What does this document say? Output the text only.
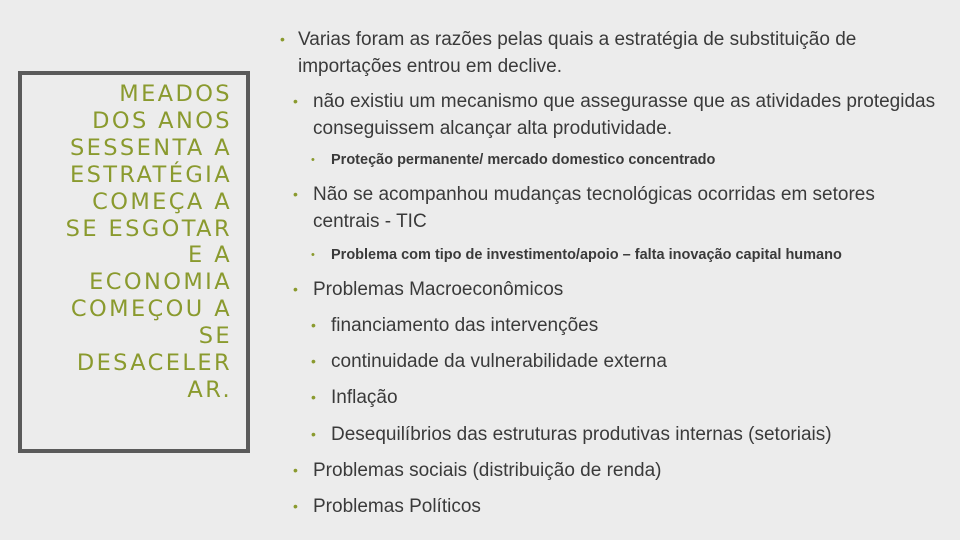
MEADOS
DOS ANOS
SESSENTA A
ESTRATÉGIA
COMEÇA A
SE ESGOTAR
E A
ECONOMIA
COMEÇOU A
SE
DESACELER
AR.
• Varias foram as razões pelas quais a estratégia de substituição de importações entrou em declive.
• não existiu um mecanismo que assegurasse que as atividades protegidas conseguissem alcançar alta produtividade.
•	Proteção permanente/ mercado domestico concentrado
• Não se acompanhou mudanças tecnológicas ocorridas em setores centrais - TIC
•	Problema com tipo de investimento/apoio – falta inovação capital humano
• Problemas Macroeconômicos
• financiamento das intervenções
• continuidade da vulnerabilidade externa
• Inflação
• Desequilíbrios das estruturas produtivas internas (setoriais)
• Problemas sociais (distribuição de renda)
• Problemas Políticos
